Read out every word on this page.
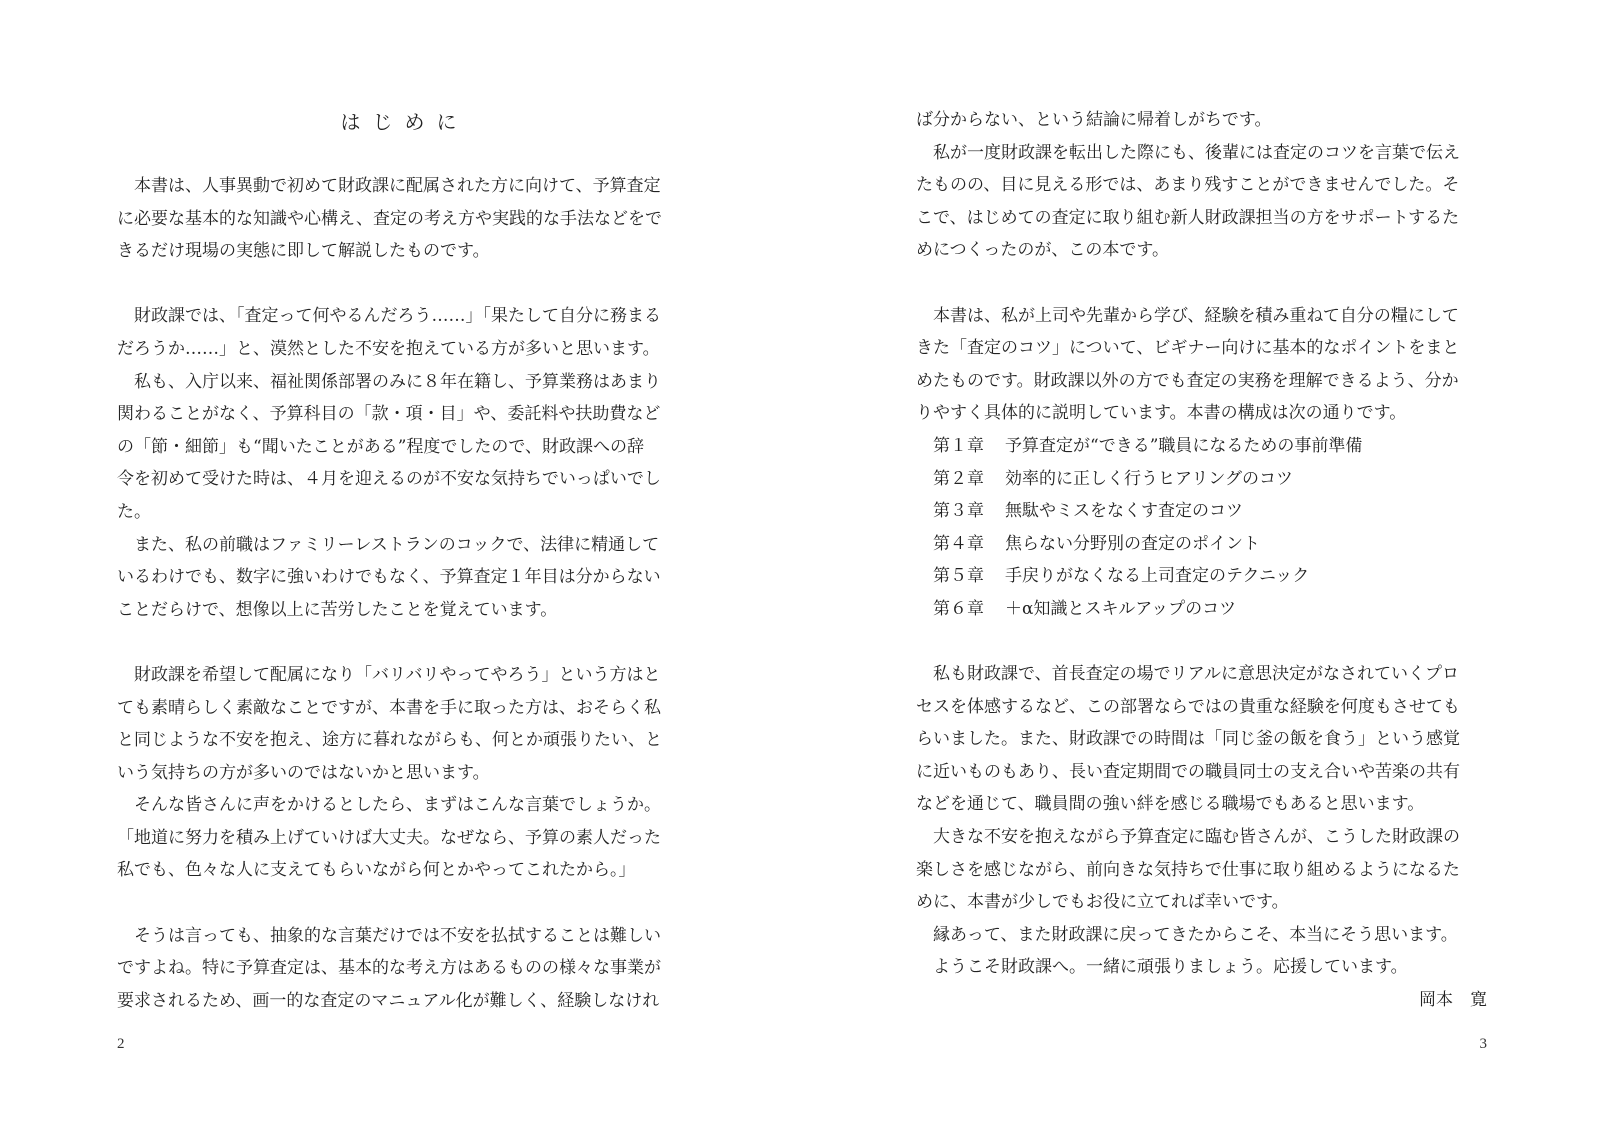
はじめに
本書は、人事異動で初めて財政課に配属された方に向けて、予算査定
に必要な基本的な知識や心構え、査定の考え方や実践的な手法などをで
きるだけ現場の実態に即して解説したものです。
財政課では、「査定って何やるんだろう……」「果たして自分に務まる
だろうか……」と、漠然とした不安を抱えている方が多いと思います。
私も、入庁以来、福祉関係部署のみに８年在籍し、予算業務はあまり
関わることがなく、予算科目の「款・項・目」や、委託料や扶助費など
の「節・細節」も“聞いたことがある”程度でしたので、財政課への辞
令を初めて受けた時は、４月を迎えるのが不安な気持ちでいっぱいでし
た。
また、私の前職はファミリーレストランのコックで、法律に精通して
いるわけでも、数字に強いわけでもなく、予算査定１年目は分からない
ことだらけで、想像以上に苦労したことを覚えています。
財政課を希望して配属になり「バリバリやってやろう」という方はと
ても素晴らしく素敵なことですが、本書を手に取った方は、おそらく私
と同じような不安を抱え、途方に暮れながらも、何とか頑張りたい、と
いう気持ちの方が多いのではないかと思います。
そんな皆さんに声をかけるとしたら、まずはこんな言葉でしょうか。
「地道に努力を積み上げていけば大丈夫。なぜなら、予算の素人だった
私でも、色々な人に支えてもらいながら何とかやってこれたから。」
そうは言っても、抽象的な言葉だけでは不安を払拭することは難しい
ですよね。特に予算査定は、基本的な考え方はあるものの様々な事業が
要求されるため、画一的な査定のマニュアル化が難しく、経験しなけれ
2
ば分からない、という結論に帰着しがちです。
私が一度財政課を転出した際にも、後輩には査定のコツを言葉で伝え
たものの、目に見える形では、あまり残すことができませんでした。そ
こで、はじめての査定に取り組む新人財政課担当の方をサポートするた
めにつくったのが、この本です。
本書は、私が上司や先輩から学び、経験を積み重ねて自分の糧にして
きた「査定のコツ」について、ビギナー向けに基本的なポイントをまと
めたものです。財政課以外の方でも査定の実務を理解できるよう、分か
りやすく具体的に説明しています。本書の構成は次の通りです。
第１章 予算査定が“できる”職員になるための事前準備
第２章 効率的に正しく行うヒアリングのコツ
第３章 無駄やミスをなくす査定のコツ
第４章 焦らない分野別の査定のポイント
第５章 手戻りがなくなる上司査定のテクニック
第６章 ＋α知識とスキルアップのコツ
私も財政課で、首長査定の場でリアルに意思決定がなされていくプロ
セスを体感するなど、この部署ならではの貴重な経験を何度もさせても
らいました。また、財政課での時間は「同じ釜の飯を食う」という感覚
に近いものもあり、長い査定期間での職員同士の支え合いや苦楽の共有
などを通じて、職員間の強い絆を感じる職場でもあると思います。
大きな不安を抱えながら予算査定に臨む皆さんが、こうした財政課の
楽しさを感じながら、前向きな気持ちで仕事に取り組めるようになるた
めに、本書が少しでもお役に立てれば幸いです。
縁あって、また財政課に戻ってきたからこそ、本当にそう思います。
ようこそ財政課へ。一緒に頑張りましょう。応援しています。
岡本　寛
3
